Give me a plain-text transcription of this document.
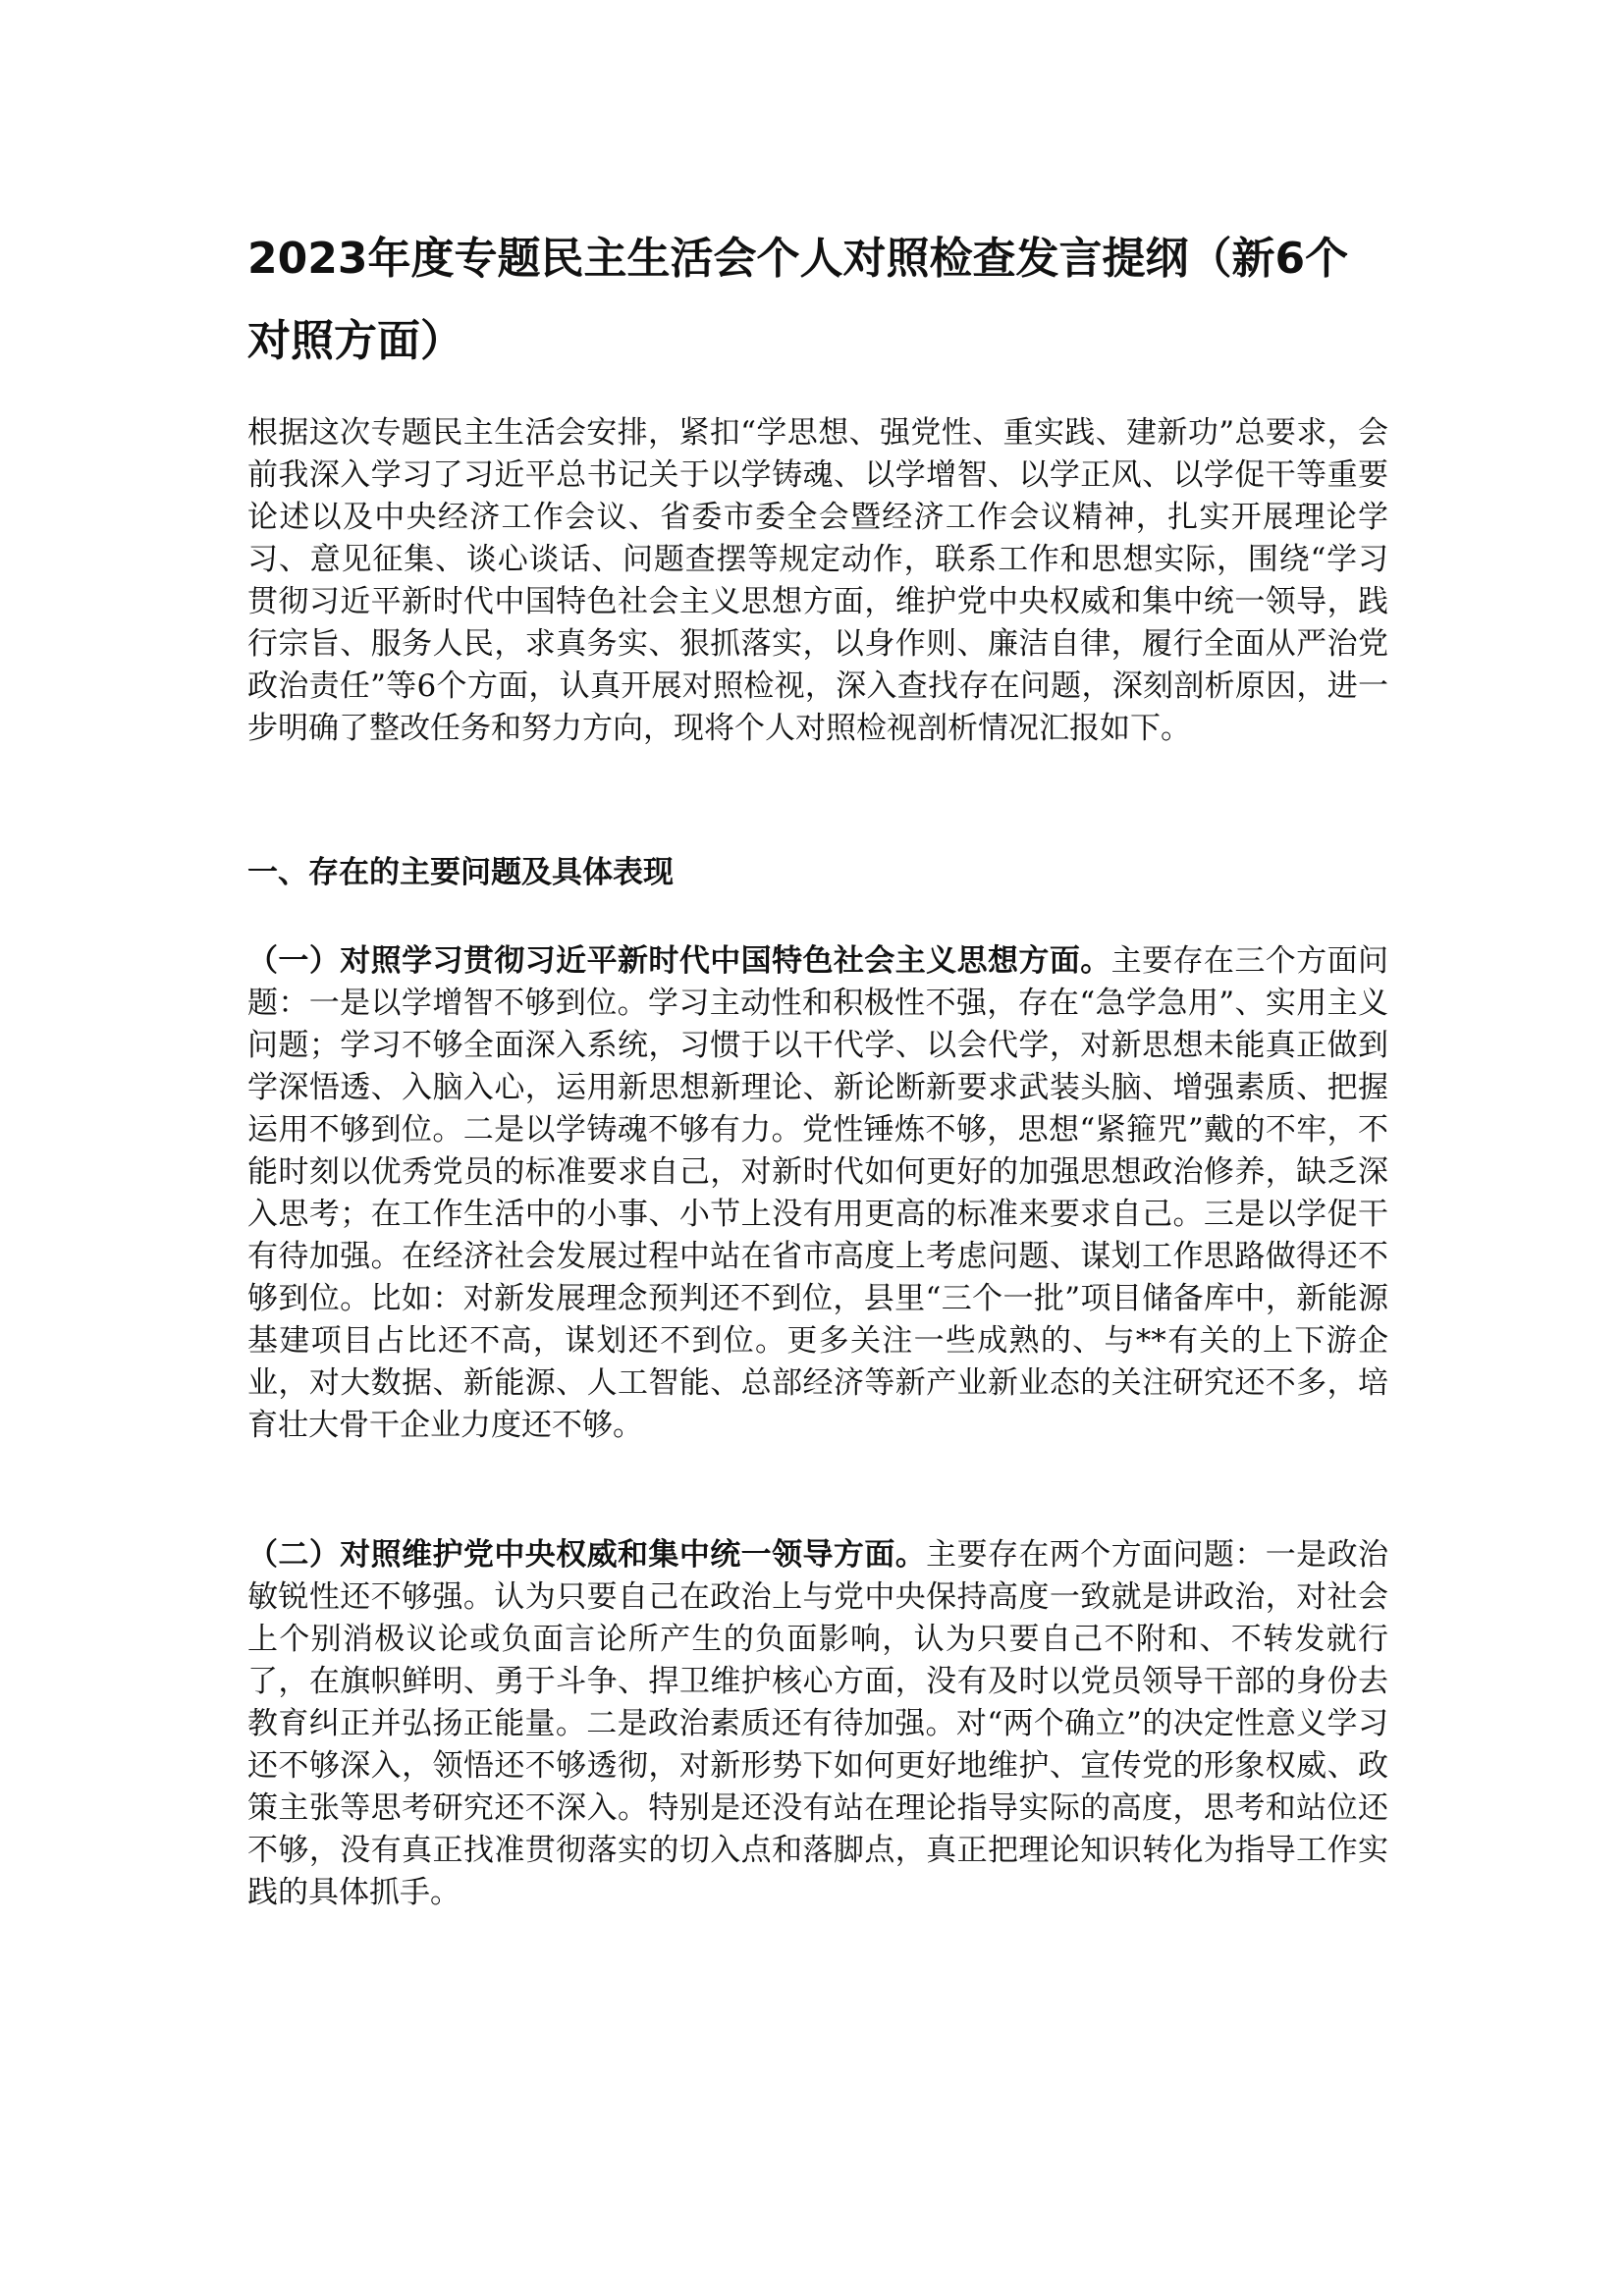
2023年度专题民主生活会个人对照检查发言提纲（新6个对照方面）

根据这次专题民主生活会安排，紧扣“学思想、强党性、重实践、建新功”总要求，会前我深入学习了习近平总书记关于以学铸魂、以学增智、以学正风、以学促干等重要论述以及中央经济工作会议、省委市委全会暨经济工作会议精神，扎实开展理论学习、意见征集、谈心谈话、问题查摆等规定动作，联系工作和思想实际，围绕“学习贯彻习近平新时代中国特色社会主义思想方面，维护党中央权威和集中统一领导，践行宗旨、服务人民，求真务实、狠抓落实，以身作则、廉洁自律，履行全面从严治党政治责任”等6个方面，认真开展对照检视，深入查找存在问题，深刻剖析原因，进一步明确了整改任务和努力方向，现将个人对照检视剖析情况汇报如下。

一、存在的主要问题及具体表现

（一）对照学习贯彻习近平新时代中国特色社会主义思想方面。主要存在三个方面问题：一是以学增智不够到位。学习主动性和积极性不强，存在“急学急用”、实用主义问题；学习不够全面深入系统，习惯于以干代学、以会代学，对新思想未能真正做到学深悟透、入脑入心，运用新思想新理论、新论断新要求武装头脑、增强素质、把握运用不够到位。二是以学铸魂不够有力。党性锤炼不够，思想“紧箍咒”戴的不牢，不能时刻以优秀党员的标准要求自己，对新时代如何更好的加强思想政治修养，缺乏深入思考；在工作生活中的小事、小节上没有用更高的标准来要求自己。三是以学促干有待加强。在经济社会发展过程中站在省市高度上考虑问题、谋划工作思路做得还不够到位。比如：对新发展理念预判还不到位，县里“三个一批”项目储备库中，新能源基建项目占比还不高，谋划还不到位。更多关注一些成熟的、与**有关的上下游企业，对大数据、新能源、人工智能、总部经济等新产业新业态的关注研究还不多，培育壮大骨干企业力度还不够。

（二）对照维护党中央权威和集中统一领导方面。主要存在两个方面问题：一是政治敏锐性还不够强。认为只要自己在政治上与党中央保持高度一致就是讲政治，对社会上个别消极议论或负面言论所产生的负面影响，认为只要自己不附和、不转发就行了，在旗帜鲜明、勇于斗争、捍卫维护核心方面，没有及时以党员领导干部的身份去教育纠正并弘扬正能量。二是政治素质还有待加强。对“两个确立”的决定性意义学习还不够深入，领悟还不够透彻，对新形势下如何更好地维护、宣传党的形象权威、政策主张等思考研究还不深入。特别是还没有站在理论指导实际的高度，思考和站位还不够，没有真正找准贯彻落实的切入点和落脚点，真正把理论知识转化为指导工作实践的具体抓手。
